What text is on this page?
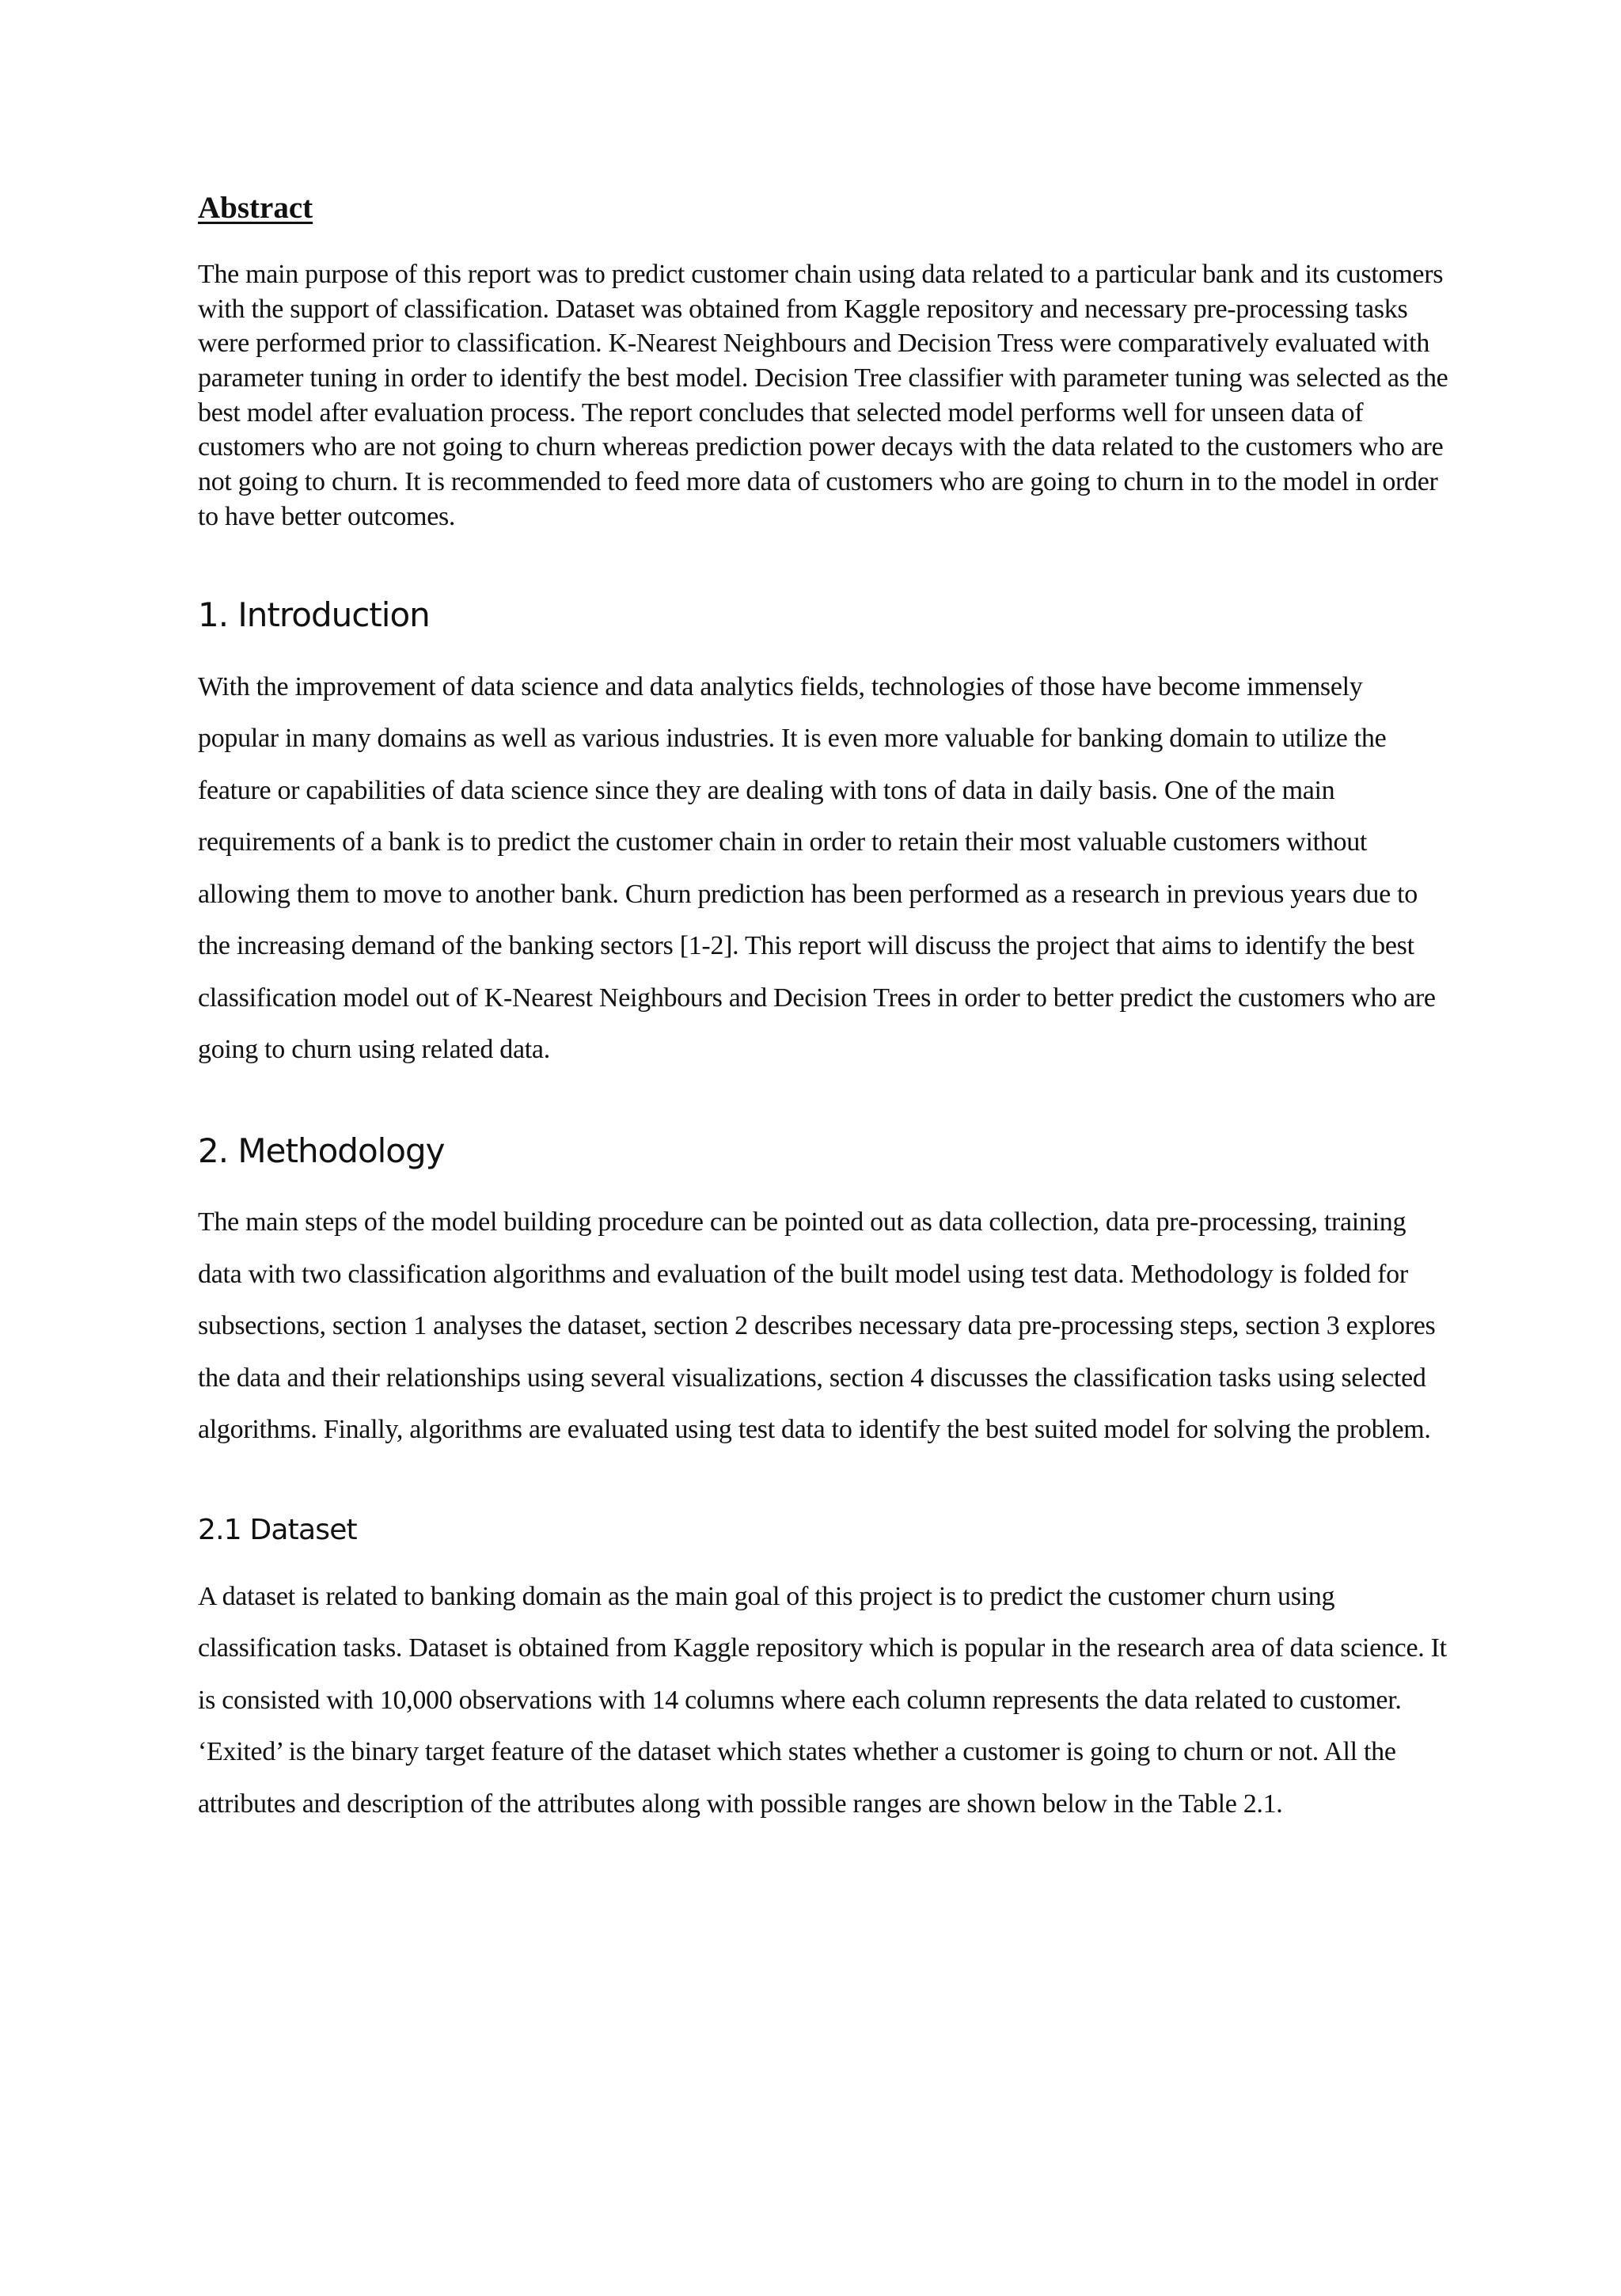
Abstract

The main purpose of this report was to predict customer chain using data related to a particular bank and its customers with the support of classification. Dataset was obtained from Kaggle repository and necessary pre-processing tasks were performed prior to classification. K-Nearest Neighbours and Decision Tress were comparatively evaluated with parameter tuning in order to identify the best model. Decision Tree classifier with parameter tuning was selected as the best model after evaluation process. The report concludes that selected model performs well for unseen data of customers who are not going to churn whereas prediction power decays with the data related to the customers who are not going to churn. It is recommended to feed more data of customers who are going to churn in to the model in order to have better outcomes.

1. Introduction

With the improvement of data science and data analytics fields, technologies of those have become immensely popular in many domains as well as various industries. It is even more valuable for banking domain to utilize the feature or capabilities of data science since they are dealing with tons of data in daily basis. One of the main requirements of a bank is to predict the customer chain in order to retain their most valuable customers without allowing them to move to another bank. Churn prediction has been performed as a research in previous years due to the increasing demand of the banking sectors [1-2]. This report will discuss the project that aims to identify the best classification model out of K-Nearest Neighbours and Decision Trees in order to better predict the customers who are going to churn using related data.

2. Methodology

The main steps of the model building procedure can be pointed out as data collection, data pre-processing, training data with two classification algorithms and evaluation of the built model using test data. Methodology is folded for subsections, section 1 analyses the dataset, section 2 describes necessary data pre-processing steps, section 3 explores the data and their relationships using several visualizations, section 4 discusses the classification tasks using selected algorithms. Finally, algorithms are evaluated using test data to identify the best suited model for solving the problem.

2.1 Dataset

A dataset is related to banking domain as the main goal of this project is to predict the customer churn using classification tasks. Dataset is obtained from Kaggle repository which is popular in the research area of data science. It is consisted with 10,000 observations with 14 columns where each column represents the data related to customer. ‘Exited’ is the binary target feature of the dataset which states whether a customer is going to churn or not. All the attributes and description of the attributes along with possible ranges are shown below in the Table 2.1.
